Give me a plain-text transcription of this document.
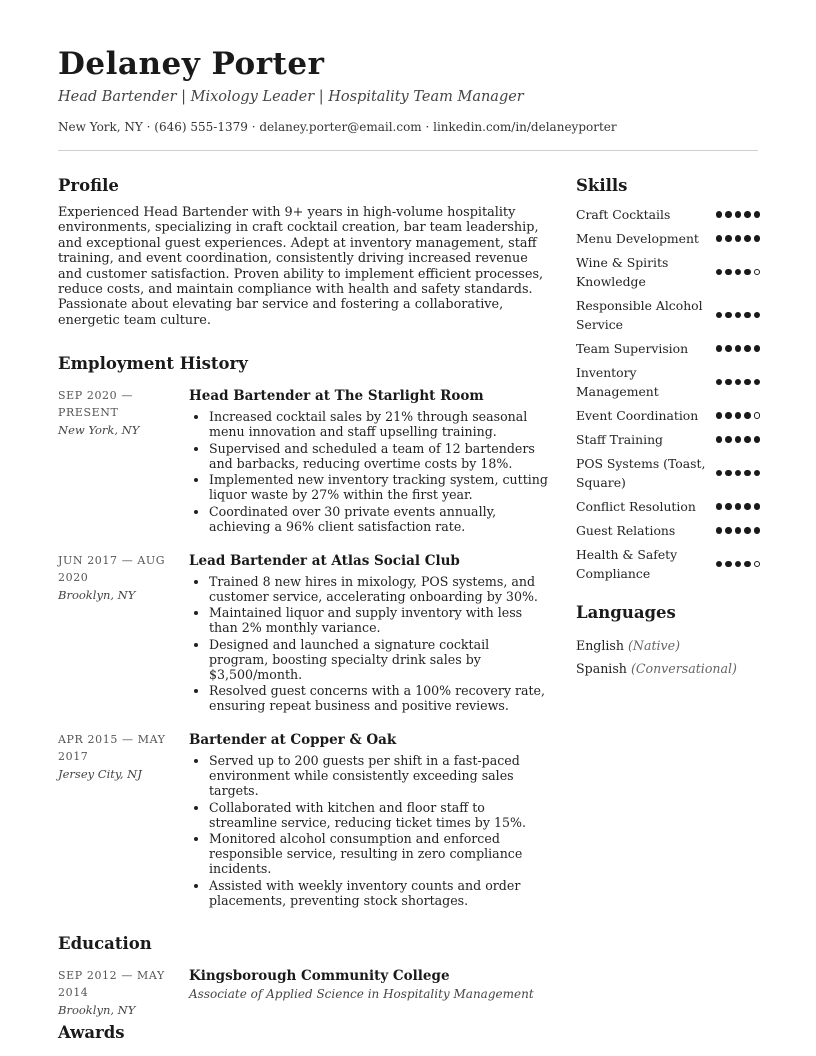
Delaney Porter
Head Bartender | Mixology Leader | Hospitality Team Manager
New York, NY · (646) 555-1379 · delaney.porter@email.com · linkedin.com/in/delaneyporter
Profile

Experienced Head Bartender with 9+ years in high-volume hospitality environments, specializing in craft cocktail creation, bar team leadership, and exceptional guest experiences. Adept at inventory management, staff training, and event coordination, consistently driving increased revenue and customer satisfaction. Proven ability to implement efficient processes, reduce costs, and maintain compliance with health and safety standards. Passionate about elevating bar service and fostering a collaborative, energetic team culture.

Employment History
SEP 2020 — PRESENT
New York, NY
Head Bartender at The Starlight Room
• Increased cocktail sales by 21% through seasonal menu innovation and staff upselling training.
• Supervised and scheduled a team of 12 bartenders and barbacks, reducing overtime costs by 18%.
• Implemented new inventory tracking system, cutting liquor waste by 27% within the first year.
• Coordinated over 30 private events annually, achieving a 96% client satisfaction rate.
JUN 2017 — AUG 2020
Brooklyn, NY
Lead Bartender at Atlas Social Club
• Trained 8 new hires in mixology, POS systems, and customer service, accelerating onboarding by 30%.
• Maintained liquor and supply inventory with less than 2% monthly variance.
• Designed and launched a signature cocktail program, boosting specialty drink sales by $3,500/month.
• Resolved guest concerns with a 100% recovery rate, ensuring repeat business and positive reviews.
APR 2015 — MAY 2017
Jersey City, NJ
Bartender at Copper & Oak
• Served up to 200 guests per shift in a fast-paced environment while consistently exceeding sales targets.
• Collaborated with kitchen and floor staff to streamline service, reducing ticket times by 15%.
• Monitored alcohol consumption and enforced responsible service, resulting in zero compliance incidents.
• Assisted with weekly inventory counts and order placements, preventing stock shortages.
Education
SEP 2012 — MAY 2014
Brooklyn, NY
Kingsborough Community College
Associate of Applied Science in Hospitality Management
Awards
Skills
Craft Cocktails
Menu Development
Wine & Spirits Knowledge
Responsible Alcohol Service
Team Supervision
Inventory Management
Event Coordination
Staff Training
POS Systems (Toast, Square)
Conflict Resolution
Guest Relations
Health & Safety Compliance
Languages
English (Native)
Spanish (Conversational)
